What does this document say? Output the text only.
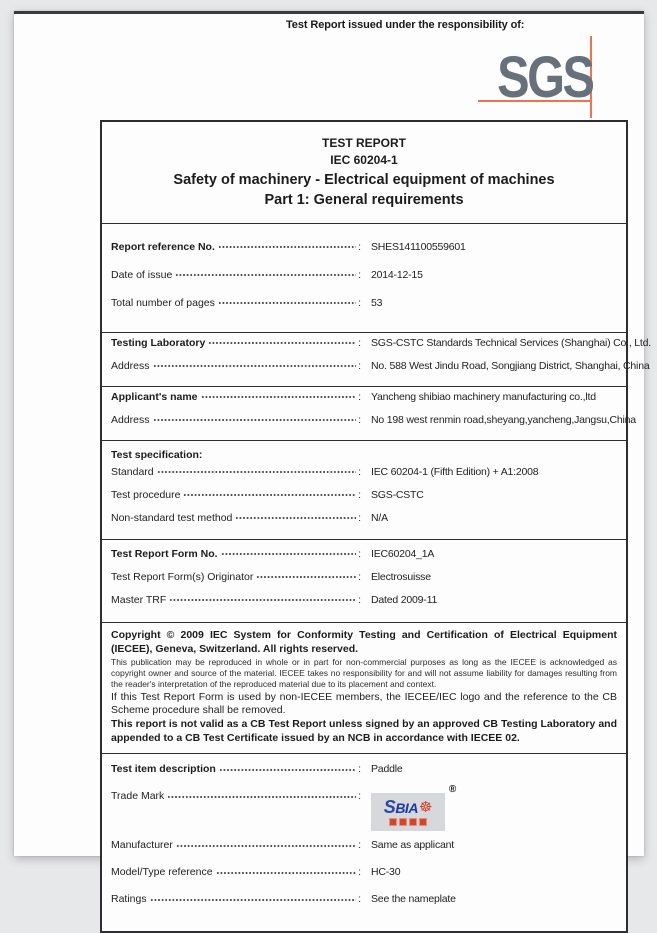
Test Report issued under the responsibility of:
SGS
TEST REPORT
IEC 60204-1
Safety of machinery - Electrical equipment of machines
Part 1: General requirements
Report reference No.	: SHES141100559601
Date of issue	: 2014-12-15
Total number of pages	: 53
Testing Laboratory	: SGS-CSTC Standards Technical Services (Shanghai) Co., Ltd.
Address	: No. 588 West Jindu Road, Songjiang District, Shanghai, China
Applicant's name	: Yancheng shibiao machinery manufacturing co.,ltd
Address	: No 198 west renmin road,sheyang,yancheng,Jangsu,China
Test specification:
Standard	: IEC 60204-1 (Fifth Edition) + A1:2008
Test procedure	: SGS-CSTC
Non-standard test method	: N/A
Test Report Form No.	: IEC60204_1A
Test Report Form(s) Originator	: Electrosuisse
Master TRF	: Dated 2009-11
Copyright © 2009 IEC System for Conformity Testing and Certification of Electrical Equipment (IECEE), Geneva, Switzerland. All rights reserved.
This publication may be reproduced in whole or in part for non-commercial purposes as long as the IECEE is acknowledged as copyright owner and source of the material. IECEE takes no responsibility for and will not assume liability for damages resulting from the reader's interpretation of the reproduced material due to its placement and context.
If this Test Report Form is used by non-IECEE members, the IECEE/IEC logo and the reference to the CB Scheme procedure shall be removed.
This report is not valid as a CB Test Report unless signed by an approved CB Testing Laboratory and appended to a CB Test Certificate issued by an NCB in accordance with IECEE 02.
Test item description	: Paddle
Trade Mark	:
®
SBIA ☸
Manufacturer	: Same as applicant
Model/Type reference	: HC-30
Ratings	: See the nameplate
